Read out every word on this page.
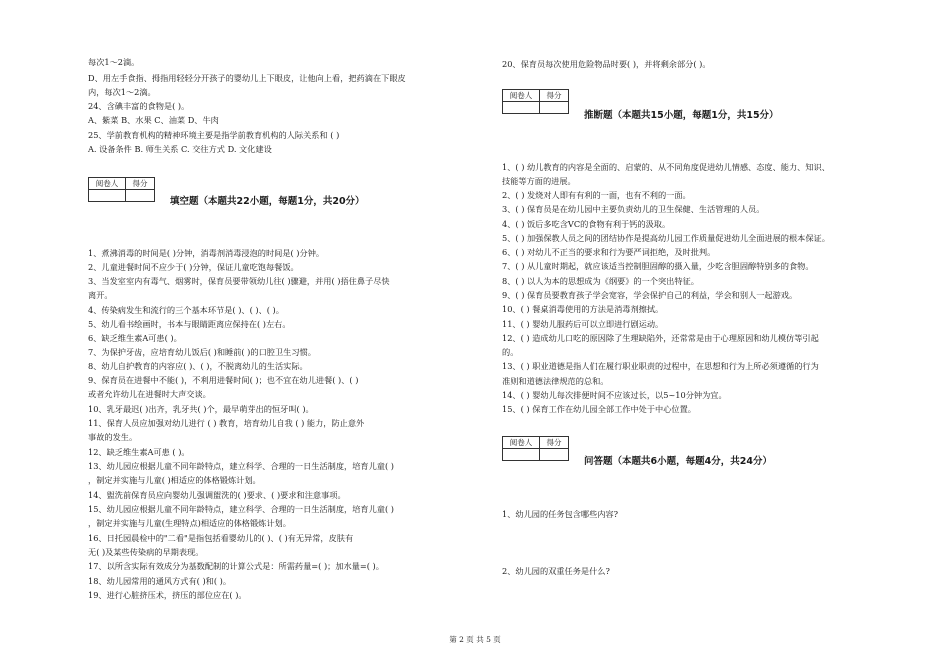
每次1～2滴。
D、用左手食指、拇指用轻轻分开孩子的婴幼儿上下眼皮，让他向上看，把药滴在下眼皮
内，每次1～2滴。
24、含碘丰富的食物是( )。
A、紫菜 B、水果 C、油菜 D、牛肉
25、学前教育机构的精神环境主要是指学前教育机构的人际关系和 ( )
A. 设备条件 B. 师生关系 C. 交往方式 D. 文化建设
阅卷人	得分

填空题（本题共22小题，每题1分，共20分）
1、煮沸消毒的时间是( )分钟，消毒剂消毒浸泡的时间是( )分钟。
2、儿童进餐时间不应少于( )分钟，保证儿童吃饱每餐饭。
3、当发室室内有毒气、烟雾时，保育员要带领幼儿往( )骤避，并用( )捂住鼻子尽快
离开。
4、传染病发生和流行的三个基本环节是( )、( )、( )。
5、幼儿看书绘画时，书本与眼睛距离应保持在( )左右。
6、缺乏维生素A可患( )。
7、为保护牙齿，应培育幼儿饭后( )和睡前( )的口腔卫生习惯。
8、幼儿自护教育的内容应( )、( )，不脱离幼儿的生活实际。
9、保育员在进餐中不能( )，不利用进餐时间( )；也不宜在幼儿进餐( )、( )
或者允许幼儿在进餐时大声交谈。
10、乳牙最迟( )出齐，乳牙共( )个，最早萌芽出的恒牙叫( )。
11、保育人员应加强对幼儿进行 ( ) 教育，培育幼儿自我 ( ) 能力，防止意外
事故的发生。
12、缺乏维生素A可患 ( )。
13、幼儿园应根据儿童不同年龄特点，建立科学、合理的一日生活制度，培育儿童( )
，制定并实施与儿童( )相适应的体格锻炼计划。
14、盥洗前保育员应向婴幼儿强调盥洗的( )要求、( )要求和注意事项。
15、幼儿园应根据儿童不同年龄特点，建立科学、合理的一日生活制度，培育儿童( )
，制定并实施与儿童(生理特点)相适应的体格锻炼计划。
16、日托园晨检中的"二看"是指包括看婴幼儿的( )、( )有无异常，皮肤有
无( )及某些传染病的早期表现。
17、以所含实际有效成分为基数配制的计算公式是：所需药量=( )；加水量=( )。
18、幼儿园常用的通风方式有( )和( )。
19、进行心脏挤压术，挤压的部位应在( )。
20、保育员每次使用危险物品时要( )，并将剩余部分( )。
阅卷人	得分

推断题（本题共15小题，每题1分，共15分）
1、( ) 幼儿教育的内容是全面的、启蒙的、从不同角度促进幼儿情感、态度、能力、知识、
技能等方面的进展。
2、( ) 发烧对人即有有利的一面，也有不利的一面。
3、( ) 保育员是在幼儿园中主要负责幼儿的卫生保健、生活管理的人员。
4、( ) 饭后多吃含VC的食物有利于钙的汲取。
5、( ) 加强保教人员之间的团结协作是提高幼儿园工作质量促进幼儿全面进展的根本保证。
6、( ) 对幼儿不正当的要求和行为要严词拒绝，及时批判。
7、( ) 从儿童时期起，就应该适当控制胆固醇的摄入量，少吃含胆固醇特别多的食物。
8、( ) 以人为本的思想成为《纲要》的一个突出特征。
9、( ) 保育员要教育孩子学会宽容，学会保护自己的利益，学会和别人一起游戏。
10、( ) 餐桌消毒使用的方法是消毒剂擦拭。
11、( ) 婴幼儿服药后可以立即进行剧运动。
12、( ) 造成幼儿口吃的原因除了生理缺陷外，还常常是由于心理原因和幼儿模仿等引起
的。
13、( ) 职业道德是指人们在履行职业职责的过程中，在思想和行为上所必须遵循的行为
准则和道德法律规范的总和。
14、( ) 婴幼儿每次排便时间不应该过长，以5~10分钟为宜。
15、( ) 保育工作在幼儿园全部工作中处于中心位置。
阅卷人	得分

问答题（本题共6小题，每题4分，共24分）
1、幼儿园的任务包含哪些内容?
2、幼儿园的双重任务是什么?
第 2 页 共 5 页
